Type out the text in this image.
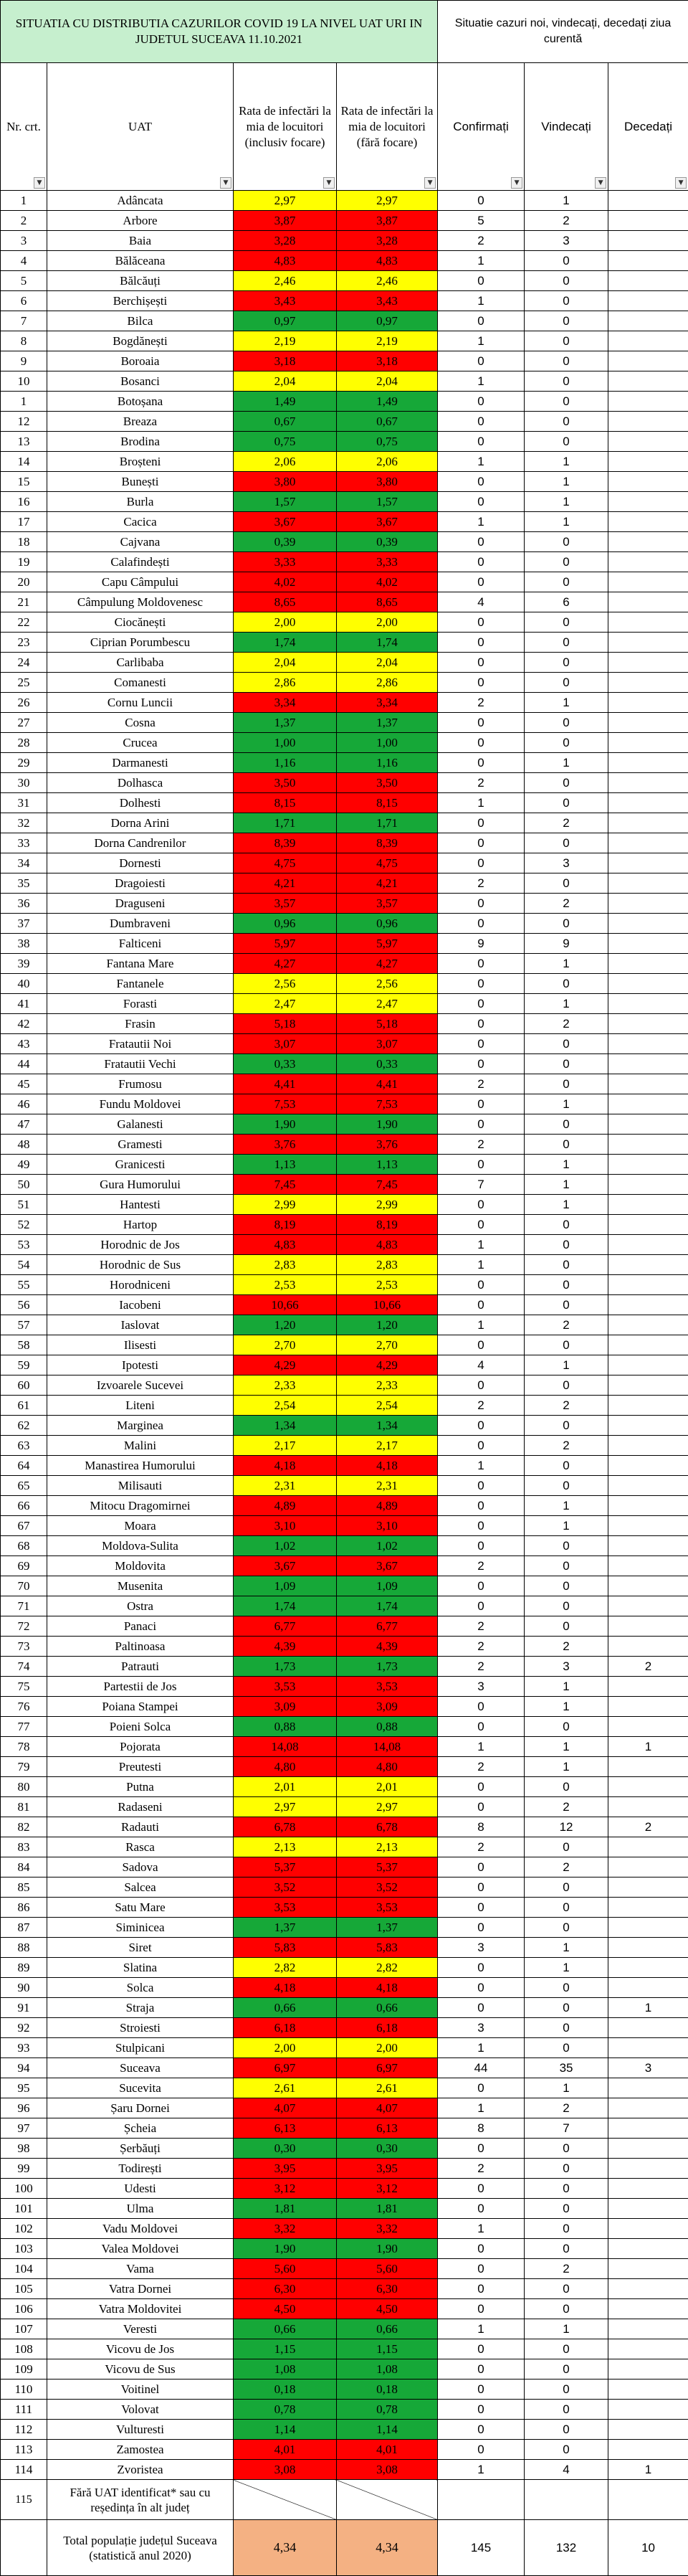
SITUATIA CU DISTRIBUTIA CAZURILOR COVID 19 LA NIVEL UAT URI IN JUDETUL SUCEAVA 11.10.2021				Situatie cazuri noi, vindecați, decedați ziua curentă		
Nr. crt.
▼	UAT
▼	Rata de infectări la mia de locuitori (inclusiv focare)
▼	Rata de infectări la mia de locuitori (fără focare)
▼	Confirmați
▼	Vindecați
▼	Decedați
▼

1	Adâncata	2,97	2,97	0	1	
2	Arbore	3,87	3,87	5	2	
3	Baia	3,28	3,28	2	3	
4	Bălăceana	4,83	4,83	1	0	
5	Bălcăuți	2,46	2,46	0	0	
6	Berchișești	3,43	3,43	1	0	
7	Bilca	0,97	0,97	0	0	
8	Bogdănești	2,19	2,19	1	0	
9	Boroaia	3,18	3,18	0	0	
10	Bosanci	2,04	2,04	1	0	
1	Botoșana	1,49	1,49	0	0	
12	Breaza	0,67	0,67	0	0	
13	Brodina	0,75	0,75	0	0	
14	Broșteni	2,06	2,06	1	1	
15	Bunești	3,80	3,80	0	1	
16	Burla	1,57	1,57	0	1	
17	Cacica	3,67	3,67	1	1	
18	Cajvana	0,39	0,39	0	0	
19	Calafindești	3,33	3,33	0	0	
20	Capu Câmpului	4,02	4,02	0	0	
21	Câmpulung Moldovenesc	8,65	8,65	4	6	
22	Ciocănești	2,00	2,00	0	0	
23	Ciprian Porumbescu	1,74	1,74	0	0	
24	Carlibaba	2,04	2,04	0	0	
25	Comanesti	2,86	2,86	0	0	
26	Cornu Luncii	3,34	3,34	2	1	
27	Cosna	1,37	1,37	0	0	
28	Crucea	1,00	1,00	0	0	
29	Darmanesti	1,16	1,16	0	1	
30	Dolhasca	3,50	3,50	2	0	
31	Dolhesti	8,15	8,15	1	0	
32	Dorna Arini	1,71	1,71	0	2	
33	Dorna Candrenilor	8,39	8,39	0	0	
34	Dornesti	4,75	4,75	0	3	
35	Dragoiesti	4,21	4,21	2	0	
36	Draguseni	3,57	3,57	0	2	
37	Dumbraveni	0,96	0,96	0	0	
38	Falticeni	5,97	5,97	9	9	
39	Fantana Mare	4,27	4,27	0	1	
40	Fantanele	2,56	2,56	0	0	
41	Forasti	2,47	2,47	0	1	
42	Frasin	5,18	5,18	0	2	
43	Fratautii Noi	3,07	3,07	0	0	
44	Fratautii Vechi	0,33	0,33	0	0	
45	Frumosu	4,41	4,41	2	0	
46	Fundu Moldovei	7,53	7,53	0	1	
47	Galanesti	1,90	1,90	0	0	
48	Gramesti	3,76	3,76	2	0	
49	Granicesti	1,13	1,13	0	1	
50	Gura Humorului	7,45	7,45	7	1	
51	Hantesti	2,99	2,99	0	1	
52	Hartop	8,19	8,19	0	0	
53	Horodnic de Jos	4,83	4,83	1	0	
54	Horodnic de Sus	2,83	2,83	1	0	
55	Horodniceni	2,53	2,53	0	0	
56	Iacobeni	10,66	10,66	0	0	
57	Iaslovat	1,20	1,20	1	2	
58	Ilisesti	2,70	2,70	0	0	
59	Ipotesti	4,29	4,29	4	1	
60	Izvoarele Sucevei	2,33	2,33	0	0	
61	Liteni	2,54	2,54	2	2	
62	Marginea	1,34	1,34	0	0	
63	Malini	2,17	2,17	0	2	
64	Manastirea Humorului	4,18	4,18	1	0	
65	Milisauti	2,31	2,31	0	0	
66	Mitocu Dragomirnei	4,89	4,89	0	1	
67	Moara	3,10	3,10	0	1	
68	Moldova-Sulita	1,02	1,02	0	0	
69	Moldovita	3,67	3,67	2	0	
70	Musenita	1,09	1,09	0	0	
71	Ostra	1,74	1,74	0	0	
72	Panaci	6,77	6,77	2	0	
73	Paltinoasa	4,39	4,39	2	2	
74	Patrauti	1,73	1,73	2	3	2
75	Partestii de Jos	3,53	3,53	3	1	
76	Poiana Stampei	3,09	3,09	0	1	
77	Poieni Solca	0,88	0,88	0	0	
78	Pojorata	14,08	14,08	1	1	1
79	Preutesti	4,80	4,80	2	1	
80	Putna	2,01	2,01	0	0	
81	Radaseni	2,97	2,97	0	2	
82	Radauti	6,78	6,78	8	12	2
83	Rasca	2,13	2,13	2	0	
84	Sadova	5,37	5,37	0	2	
85	Salcea	3,52	3,52	0	0	
86	Satu Mare	3,53	3,53	0	0	
87	Siminicea	1,37	1,37	0	0	
88	Siret	5,83	5,83	3	1	
89	Slatina	2,82	2,82	0	1	
90	Solca	4,18	4,18	0	0	
91	Straja	0,66	0,66	0	0	1
92	Stroiesti	6,18	6,18	3	0	
93	Stulpicani	2,00	2,00	1	0	
94	Suceava	6,97	6,97	44	35	3
95	Sucevita	2,61	2,61	0	1	
96	Șaru Dornei	4,07	4,07	1	2	
97	Șcheia	6,13	6,13	8	7	
98	Șerbăuți	0,30	0,30	0	0	
99	Todirești	3,95	3,95	2	0	
100	Udesti	3,12	3,12	0	0	
101	Ulma	1,81	1,81	0	0	
102	Vadu Moldovei	3,32	3,32	1	0	
103	Valea Moldovei	1,90	1,90	0	0	
104	Vama	5,60	5,60	0	2	
105	Vatra Dornei	6,30	6,30	0	0	
106	Vatra Moldovitei	4,50	4,50	0	0	
107	Veresti	0,66	0,66	1	1	
108	Vicovu de Jos	1,15	1,15	0	0	
109	Vicovu de Sus	1,08	1,08	0	0	
110	Voitinel	0,18	0,18	0	0	
111	Volovat	0,78	0,78	0	0	
112	Vulturesti	1,14	1,14	0	0	
113	Zamostea	4,01	4,01	0	0	
114	Zvoristea	3,08	3,08	1	4	1
115	Fără UAT identificat* sau cu reședința în alt județ					
	Total populație județul Suceava (statistică anul 2020)	4,34	4,34	145	132	10
